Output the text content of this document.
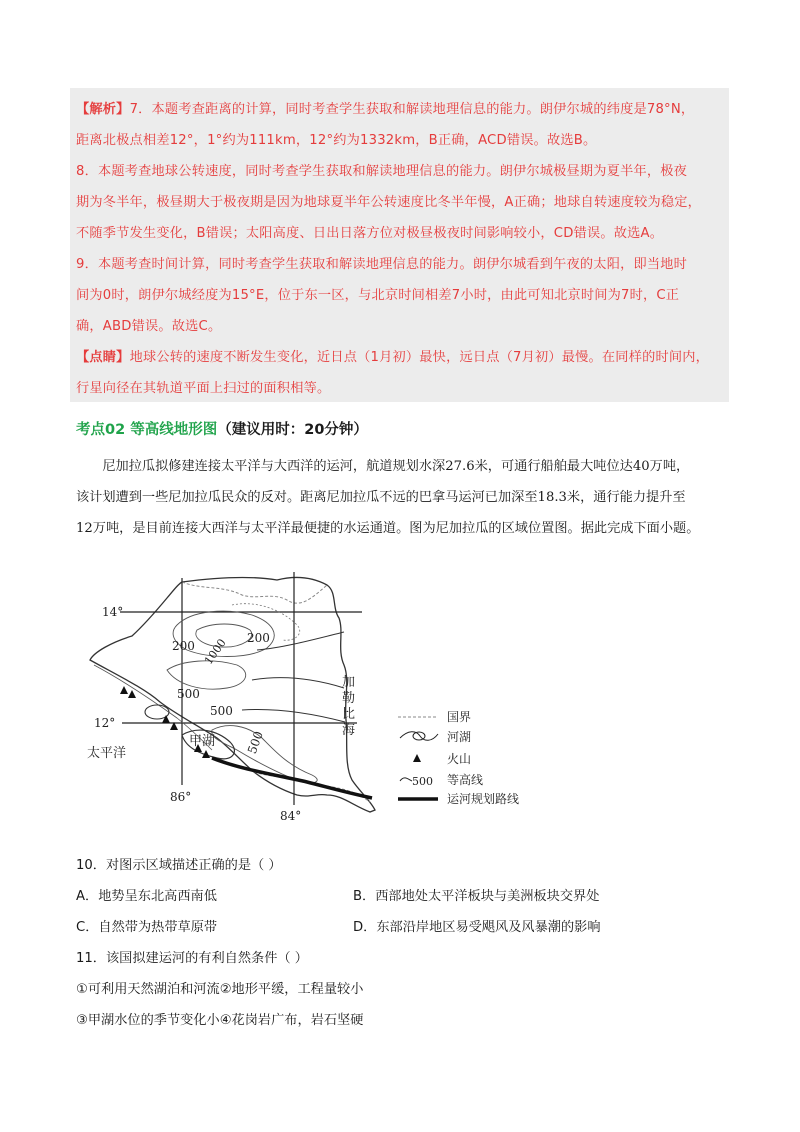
【解析】7．本题考查距离的计算，同时考查学生获取和解读地理信息的能力。朗伊尔城的纬度是78°N，

距离北极点相差12°，1°约为111km，12°约为1332km，B正确，ACD错误。故选B。

8．本题考查地球公转速度，同时考查学生获取和解读地理信息的能力。朗伊尔城极昼期为夏半年，极夜

期为冬半年，极昼期大于极夜期是因为地球夏半年公转速度比冬半年慢，A正确；地球自转速度较为稳定，

不随季节发生变化，B错误；太阳高度、日出日落方位对极昼极夜时间影响较小，CD错误。故选A。

9．本题考查时间计算，同时考查学生获取和解读地理信息的能力。朗伊尔城看到午夜的太阳，即当地时

间为0时，朗伊尔城经度为15°E，位于东一区，与北京时间相差7小时，由此可知北京时间为7时，C正

确，ABD错误。故选C。

【点睛】地球公转的速度不断发生变化，近日点（1月初）最快，远日点（7月初）最慢。在同样的时间内，

行星向径在其轨道平面上扫过的面积相等。

考点02 等高线地形图（建议用时：20分钟）

　　尼加拉瓜拟修建连接太平洋与大西洋的运河，航道规划水深27.6米，可通行船舶最大吨位达40万吨，

该计划遭到一些尼加拉瓜民众的反对。距离尼加拉瓜不远的巴拿马运河已加深至18.3米，通行能力提升至

12万吨，是目前连接大西洋与太平洋最便捷的水运通道。图为尼加拉瓜的区域位置图。据此完成下面小题。

14°
12°
86°
84°
200
200
1000
500
500
500
甲湖
太平洋
加
勒
比
海
国界
河湖
火山
500 等高线
运河规划路线
10．对图示区域描述正确的是（ ）
A．地势呈东北高西南低	B．西部地处太平洋板块与美洲板块交界处
C．自然带为热带草原带	D．东部沿岸地区易受飓风及风暴潮的影响
11．该国拟建运河的有利自然条件（ ）
①可利用天然湖泊和河流②地形平缓，工程量较小
③甲湖水位的季节变化小④花岗岩广布，岩石坚硬
